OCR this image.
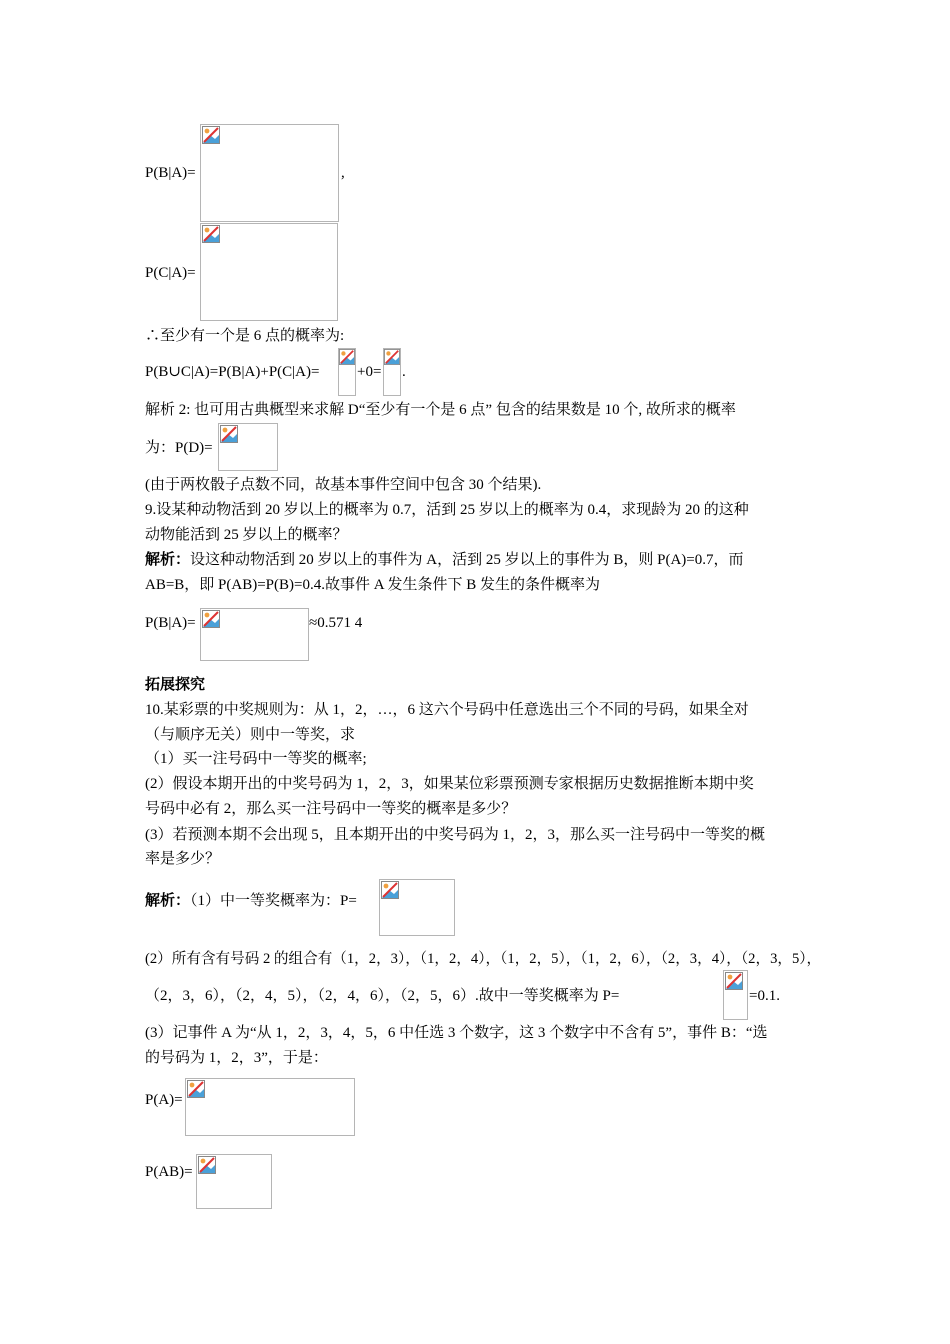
P(B|A)=	,
P(C|A)=
∴至少有一个是 6 点的概率为:
P(B∪C|A)=P(B|A)+P(C|A)=	+0= .
解析 2: 也可用古典概型来求解 D“至少有一个是 6 点” 包含的结果数是 10 个, 故所求的概率
为：P(D)=
(由于两枚骰子点数不同，故基本事件空间中包含 30 个结果).
9.设某种动物活到 20 岁以上的概率为 0.7，活到 25 岁以上的概率为 0.4，求现龄为 20 的这种
动物能活到 25 岁以上的概率？
解析：设这种动物活到 20 岁以上的事件为 A，活到 25 岁以上的事件为 B，则 P(A)=0.7，而
AB=B，即 P(AB)=P(B)=0.4.故事件 A 发生条件下 B 发生的条件概率为
P(B|A)=	≈0.571 4
拓展探究
10.某彩票的中奖规则为：从 1，2，…，6 这六个号码中任意选出三个不同的号码，如果全对
（与顺序无关）则中一等奖，求
（1）买一注号码中一等奖的概率;
(2）假设本期开出的中奖号码为 1，2，3，如果某位彩票预测专家根据历史数据推断本期中奖
号码中必有 2，那么买一注号码中一等奖的概率是多少？
(3）若预测本期不会出现 5，且本期开出的中奖号码为 1，2，3，那么买一注号码中一等奖的概
率是多少？
解析：（1）中一等奖概率为：P=
(2）所有含有号码 2 的组合有（1，2，3），（1，2，4），（1，2，5），（1，2，6），（2，3，4），（2，3，5），
（2，3，6），（2，4，5），（2，4，6），（2，5，6）.故中一等奖概率为 P=	=0.1.
(3）记事件 A 为“从 1，2，3，4，5，6 中任选 3 个数字，这 3 个数字中不含有 5”，事件 B：“选
的号码为 1，2，3”，于是：
P(A)=
P(AB)=
